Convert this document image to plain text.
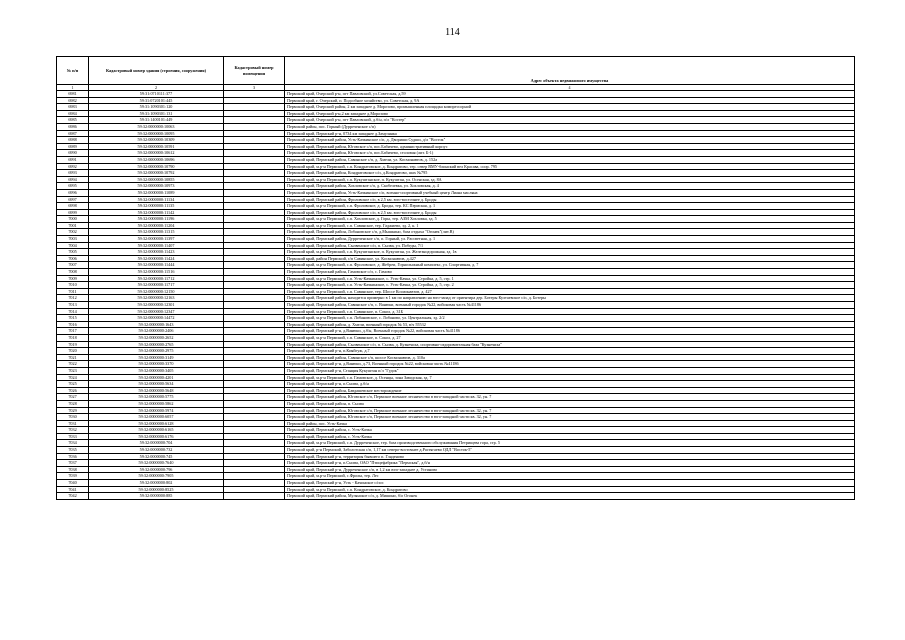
114
№ п/п	Кадастровый номер здания (строения, сооружения)	Кадастровый номер помещения	Адрес объекта недвижимого имущества
1	2	3	4
6981	59:31:0710111:377		Пермский край, Очерский р-н, пгт Павловский, ул.Советская, д.59
6982	59:31:0720101:445		Пермский край, г. Очерский, п. Подсобное хозяйство, ул. Советская, д. 9А
6983	59:31:1090301:120		Пермский край, Очерский район, 2 км западнее д. Морозово, промышленная площадка компрессорной
6984	59:31:1090301:131		Пермский край, Очерский р-н,2 км западнее д.Морозово
6985	59:31:1400101:449		Пермский край, Очерский р-н, пгт Павловский, д.б/н, п/л "Костер"
6986	59:32:0000000:10063		Пермский район, пос. Горный (Дурреченское с/п)
6987	59:32:0000000:10095		Пермский край, Пермский р-н, 0734 км западнее д.Замулянка
6988	59:32:0000000:10309		Пермский край, Пермский район, Усть-Качкинское с/п, д. Двориши Судши, д/л "Восток"
6989	59:32:0000000:10591		Пермский край, Пермский район, Юговское с/п, пос.Бабичево, административный корпус
6990	59:32:0000000:10612		Пермский край, Пермский район, Юговское с/п, пос.Бабичево, столовая (лит. Б-1)
6991	59:32:0000000:10696		Пермский край, Пермский район, Савинское с/п, д. Хмели, ул. Космонавтов, д. 152а
6992	59:32:0000000:10790		Пермский край, м.р-н Пермский, с.п. Кондратовское, д. Кондратово, тер. север ВМУ-блинский вел Красава, соор. 795
6993	59:32:0000000:10792		Пермский край, Пермский район, Кондратовское с/п, д.Кондратово, шах №795
6994	59:32:0000000:10855		Пермский край, м.р-н Пермский, с.п. Кукуштанское, п. Кукуштан, ул. Осенская, зд. 8А
6995	59:32:0000000:10973		Пермский край, Пермский район, Хохловское с/п, д. Скобелевка, ул. Хохловская, д. 4
6996	59:32:0000000:11089		Пермский край, Пермский район, Усть-Качкинское с/п, военно-спортивный учебный центр Лиана масляна
6997	59:32:0000000:11134		Пермский край, Пермский район, Фроловское с/п, в 2,5 км. юго-восточнее д. Броды
6998	59:32:0000000:11135		Пермский край, м.р-н Пермский, с.п. Фроловское, д. Броды, тер. КС Пермская, д. 1
6999	59:32:0000000:11142		Пермский край, Пермский район, Фроловское с/п, в 2,5 км. юго-восточнее д. Броды
7000	59:32:0000000:11196		Пермский край, м.р-н Пермский, с.п. Хохловское, д. Горы, тер. АЗМ Хохловка, зд. 5
7001	59:32:0000000:11204		Пермский край, м.р-н Пермский, с.п. Савинское, тер. Гаджиево, зд. 2, к. 1
7002	59:32:0000000:11315		Пермский край, Пермский район, Лобановское с/п, д.Мышкино, база отдыха "Огонек"(лит.В)
7003	59:32:0000000:11397		Пермский край, Пермский район, Дурреченское с/п, п. Горный, ул. Рассветная, д. 1
7004	59:32:0000000:11407		Пермский край, Пермский район, Сылвенское с/п, п. Сылва, ул. Победы, 7/1
7005	59:32:0000000:11423		Пермский край, м.р-н Пермский, с.п. Кукуштанское, п. Кукуштан, ул. Железнодорожная, зд. 1в
7006	59:32:0000000:11424		Пермский край, район Пермский, с/п Савинское, ул. Космонавтов, д.427
7007	59:32:0000000:11444		Пермский край, м.р-н Пермский, с.п. Фроловское, д. Жебреи, Горнолыжный комплекс, ул. Спортивная, д. 7
7008	59:32:0000000:11516		Пермский край, Пермский район, Гамовское с/п, с. Гамово
7009	59:32:0000000:11712		Пермский край, м.р-н Пермский, с.п. Усть-Качкинское, с. Усть-Качка, ул. Стройка, д. 5, стр. 1
7010	59:32:0000000:11717		Пермский край, м.р-н Пермский, с.п. Усть-Качкинское, с. Усть-Качка, ул. Стройка, д. 5, стр. 2
7011	59:32:0000000:12150		Пермский край, м.р-н Пермский, с.п. Савинское, тер. Шоссе Космонавтов, д. 427
7012	59:32:0000000:12163		Пермский край, Пермский район, находится примерно в 1 км по направлению на юго-запад от ориентира дер. Ботеры Култаевское с/п, д. Ботеры
7013	59:32:0000000:12301		Пермский край, Пермский район, Савинское с/п, с. Ванюки, военный городок №22, войсковая часть №41186
7014	59:32:0000000:12347		Пермский край, м.р-н Пермский, с.п. Савинское, п. Сокол, д. 31Б
7015	59:32:0000000:14472		Пермский край, м.р-н Пермский, с.п. Лобановское, с. Лобаново, ул. Центральная, зд. 2/2
7016	59:32:0000000:1643		Пермский край, Пермский район, д. Хмели, военный городок № 53, в/ч 55532
7017	59:32:0000000:2406		Пермский край, Пермский р-н, д.Ванюки, д.б/н, Военный городок №22, войсковая часть №41186
7018	59:32:0000000:2652		Пермский край, м.р-н Пермский, с.п. Савинское, п. Сокол, д. 27
7019	59:32:0000000:2765		Пермский край, Пермский район, Сылвенское с/п, п. Сылва, д. Кузнечиха, спортивно-оздоровительная база "Кузнечиха"
7020	59:32:0000000:2975		Пермский край, Пермский р-н, п.Кияйгуж, д.7
7021	59:32:0000000:3149		Пермский край, Пермский район, Савинское с/п, шоссе Космонавтов, д. 310а
7022	59:32:0000000:3370		Пермский край, Пермский р-н, д.Ванюки, д.73, Военный городок №22, войсковая часть №41186
7023	59:32:0000000:3405		Пермский край, Пермский р-н, Станция Кукуштан п/л "Гудок"
7024	59:32:0000000:4201		Пермский край, м.р-н Пермский, с.п. Гамовское, д. Осенцы, зона Заводская, зд. 7
7025	59:32:0000000:5634		Пермский край, Пермский р-н, п.Сылва, д.б/н
7026	59:32:0000000:5648		Пермский край, Пермский район, Бавдашевское месторождение
7027	59:32:0000000:5775		Пермский край, Пермский район, Юговское с/п, Пермское военное лесничество в юго-западной части кв. 32, ун. 7
7028	59:32:0000000:5862		Пермский край, Пермский район, п. Сылва
7029	59:32:0000000:5974		Пермский край, Пермский район, Юговское с/п, Пермское военное лесничество в юго-западной части кв. 32, ун. 7
7030	59:32:0000000:6057		Пермский край, Пермский район, Юговское с/п, Пермское военное лесничество в юго-западной части кв. 32, ун. 7
7031	59:32:0000000:6128		Пермский район, пос. Усть-Качка
7032	59:32:0000000:6165		Пермский край, Пермский район, с. Усть-Качка
7033	59:32:0000000:6176		Пермский край, Пермский район, с. Усть-Качка
7034	59:32:0000000:704		Пермский край, м.р-н Пермский, с.п. Дурреченское, тер. база производственного обслуживания Петрищева гора, стр. 5
7035	59:32:0000000:732		Пермский край, р-н Пермский, Заболотская с/п, 1,17 км северо-восточнее д.Растягаево ОДЛ "Восток-5"
7036	59:32:0000000:745		Пермский край, Пермский р-н, территория бывшего п. Гляденово
7037	59:32:0000000:7640		Пермский край, Пермский р-н, п.Сылва, ОАО "Птицефабрика "Пермская", д.б/н
7038	59:32:0000000:796		Пермский край, Пермский р-н, Дурреченское с/п, в 1,2 км юго-западнее д. Устиново
7039	59:32:0000000:7905		Пермский край, м.р-н Пермский, с.Фролы, тер. Лес
7040	59:32:0000000:802		Пермский край, Пермский р-н, Усть - Качинское с/пос
7041	59:32:0000000:8525		Пермский край, м.р-н Пермский, с.п. Кондратовское, д. Кондратово
7042	59:32:0000000:885		Пермский край, Пермский район, Мулянское с/п, д. Мишино, б/о Огонек
